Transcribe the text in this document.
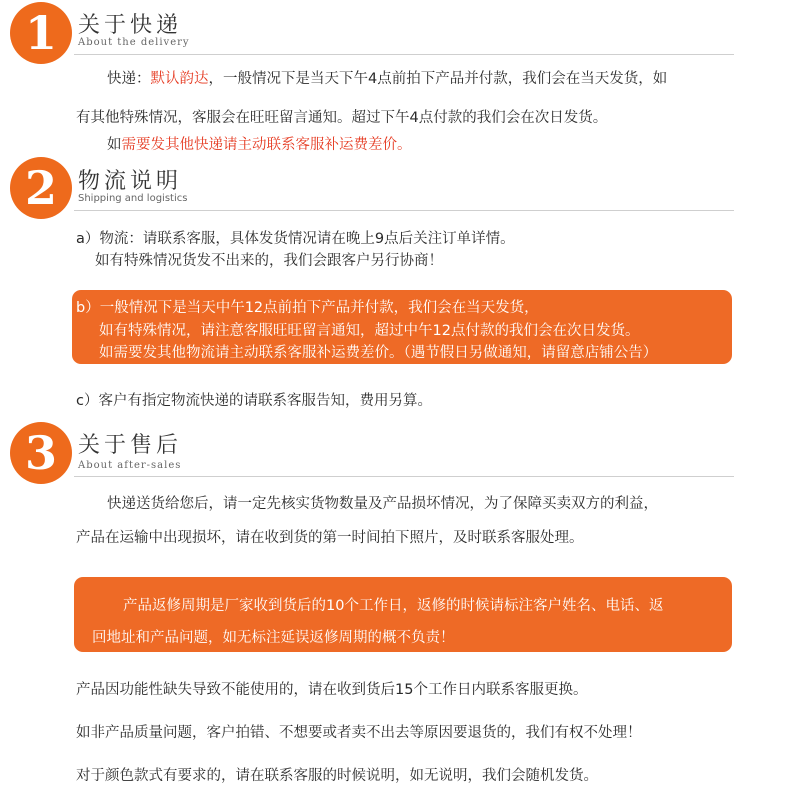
1 关于快递
About the delivery
快递：默认韵达，一般情况下是当天下午4点前拍下产品并付款，我们会在当天发货，如
有其他特殊情况，客服会在旺旺留言通知。超过下午4点付款的我们会在次日发货。
如需要发其他快递请主动联系客服补运费差价。
2 物流说明
Shipping and logistics
a）物流：请联系客服，具体发货情况请在晚上9点后关注订单详情。
如有特殊情况货发不出来的，我们会跟客户另行协商！
b）一般情况下是当天中午12点前拍下产品并付款，我们会在当天发货，
如有特殊情况，请注意客服旺旺留言通知，超过中午12点付款的我们会在次日发货。
如需要发其他物流请主动联系客服补运费差价。（遇节假日另做通知，请留意店铺公告）
c）客户有指定物流快递的请联系客服告知，费用另算。
3 关于售后
About after-sales
快递送货给您后，请一定先核实货物数量及产品损坏情况，为了保障买卖双方的利益，
产品在运输中出现损坏，请在收到货的第一时间拍下照片，及时联系客服处理。
产品返修周期是厂家收到货后的10个工作日，返修的时候请标注客户姓名、电话、返
回地址和产品问题，如无标注延误返修周期的概不负责！
产品因功能性缺失导致不能使用的，请在收到货后15个工作日内联系客服更换。
如非产品质量问题，客户拍错、不想要或者卖不出去等原因要退货的，我们有权不处理！
对于颜色款式有要求的，请在联系客服的时候说明，如无说明，我们会随机发货。
